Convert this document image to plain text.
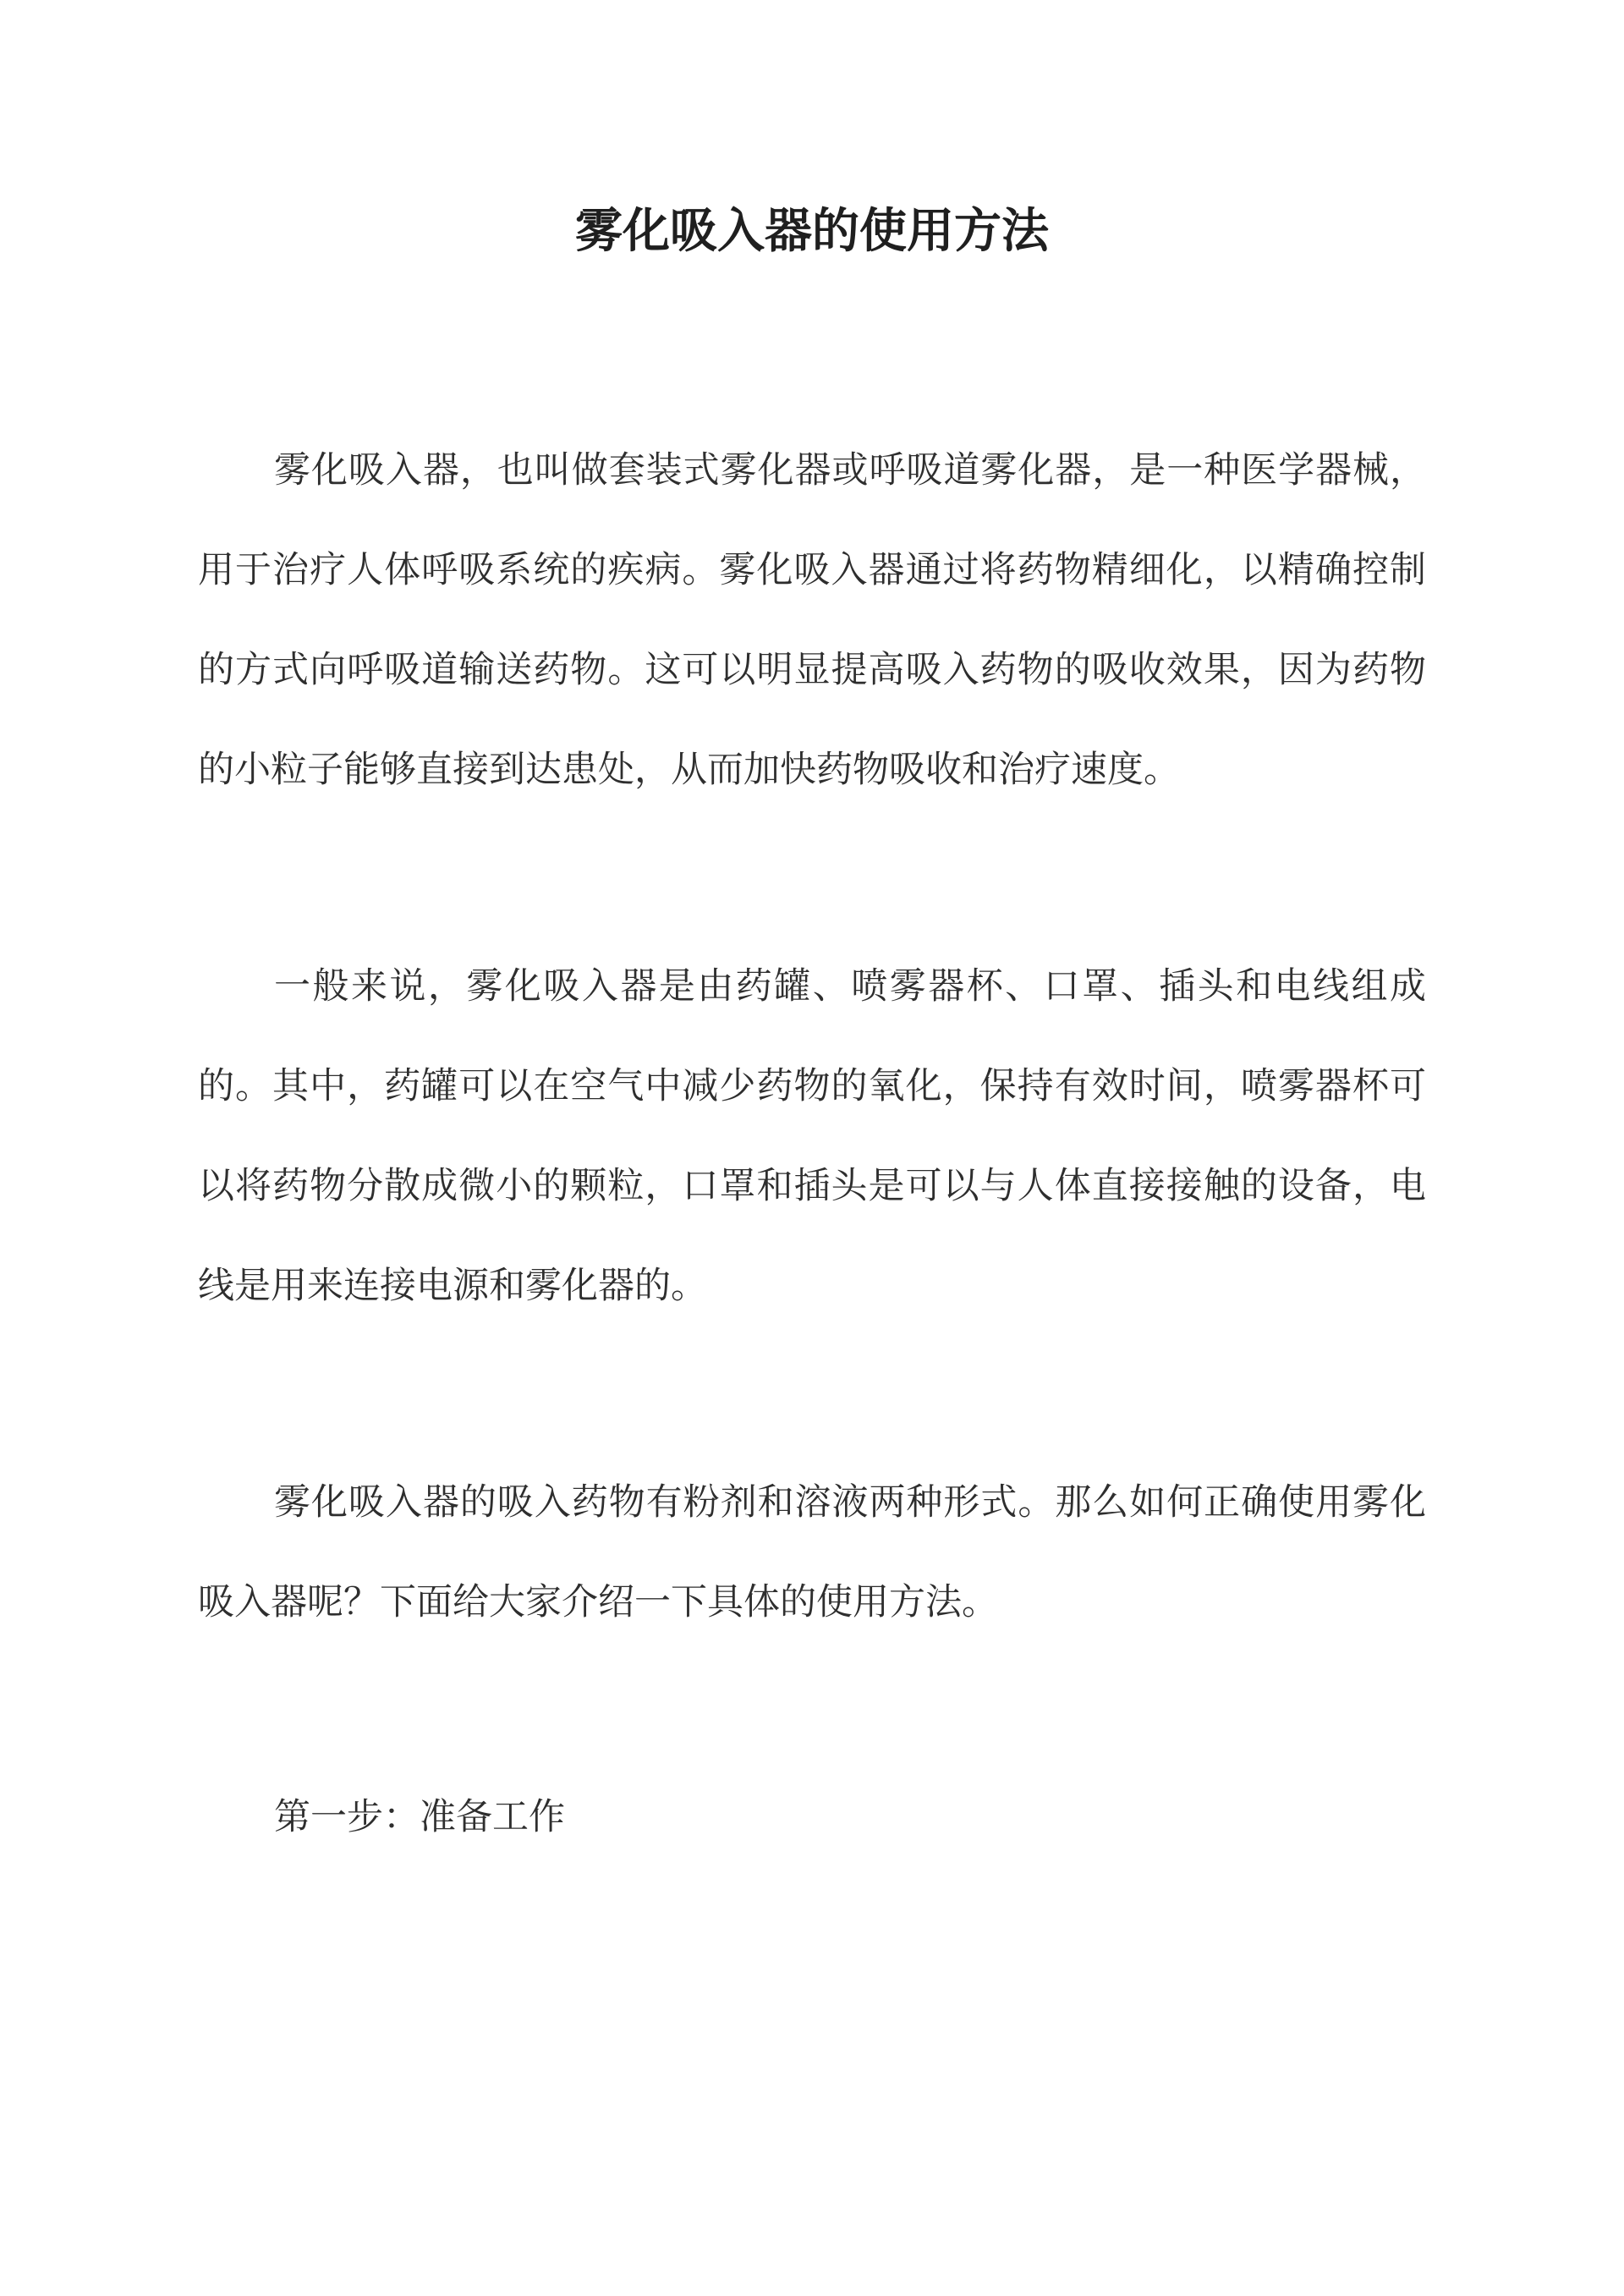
雾化吸入器的使用方法

雾化吸入器，也叫做套装式雾化器或呼吸道雾化器，是一种医学器械，用于治疗人体呼吸系统的疾病。雾化吸入器通过将药物精细化，以精确控制的方式向呼吸道输送药物。这可以明显提高吸入药物的吸收效果，因为药物的小粒子能够直接到达患处，从而加快药物吸收和治疗速度。

一般来说，雾化吸入器是由药罐、喷雾器杯、口罩、插头和电线组成的。其中，药罐可以在空气中减少药物的氧化，保持有效时间，喷雾器杯可以将药物分散成微小的颗粒，口罩和插头是可以与人体直接接触的设备，电线是用来连接电源和雾化器的。

雾化吸入器的吸入药物有粉剂和溶液两种形式。那么如何正确使用雾化吸入器呢？下面给大家介绍一下具体的使用方法。

第一步：准备工作
